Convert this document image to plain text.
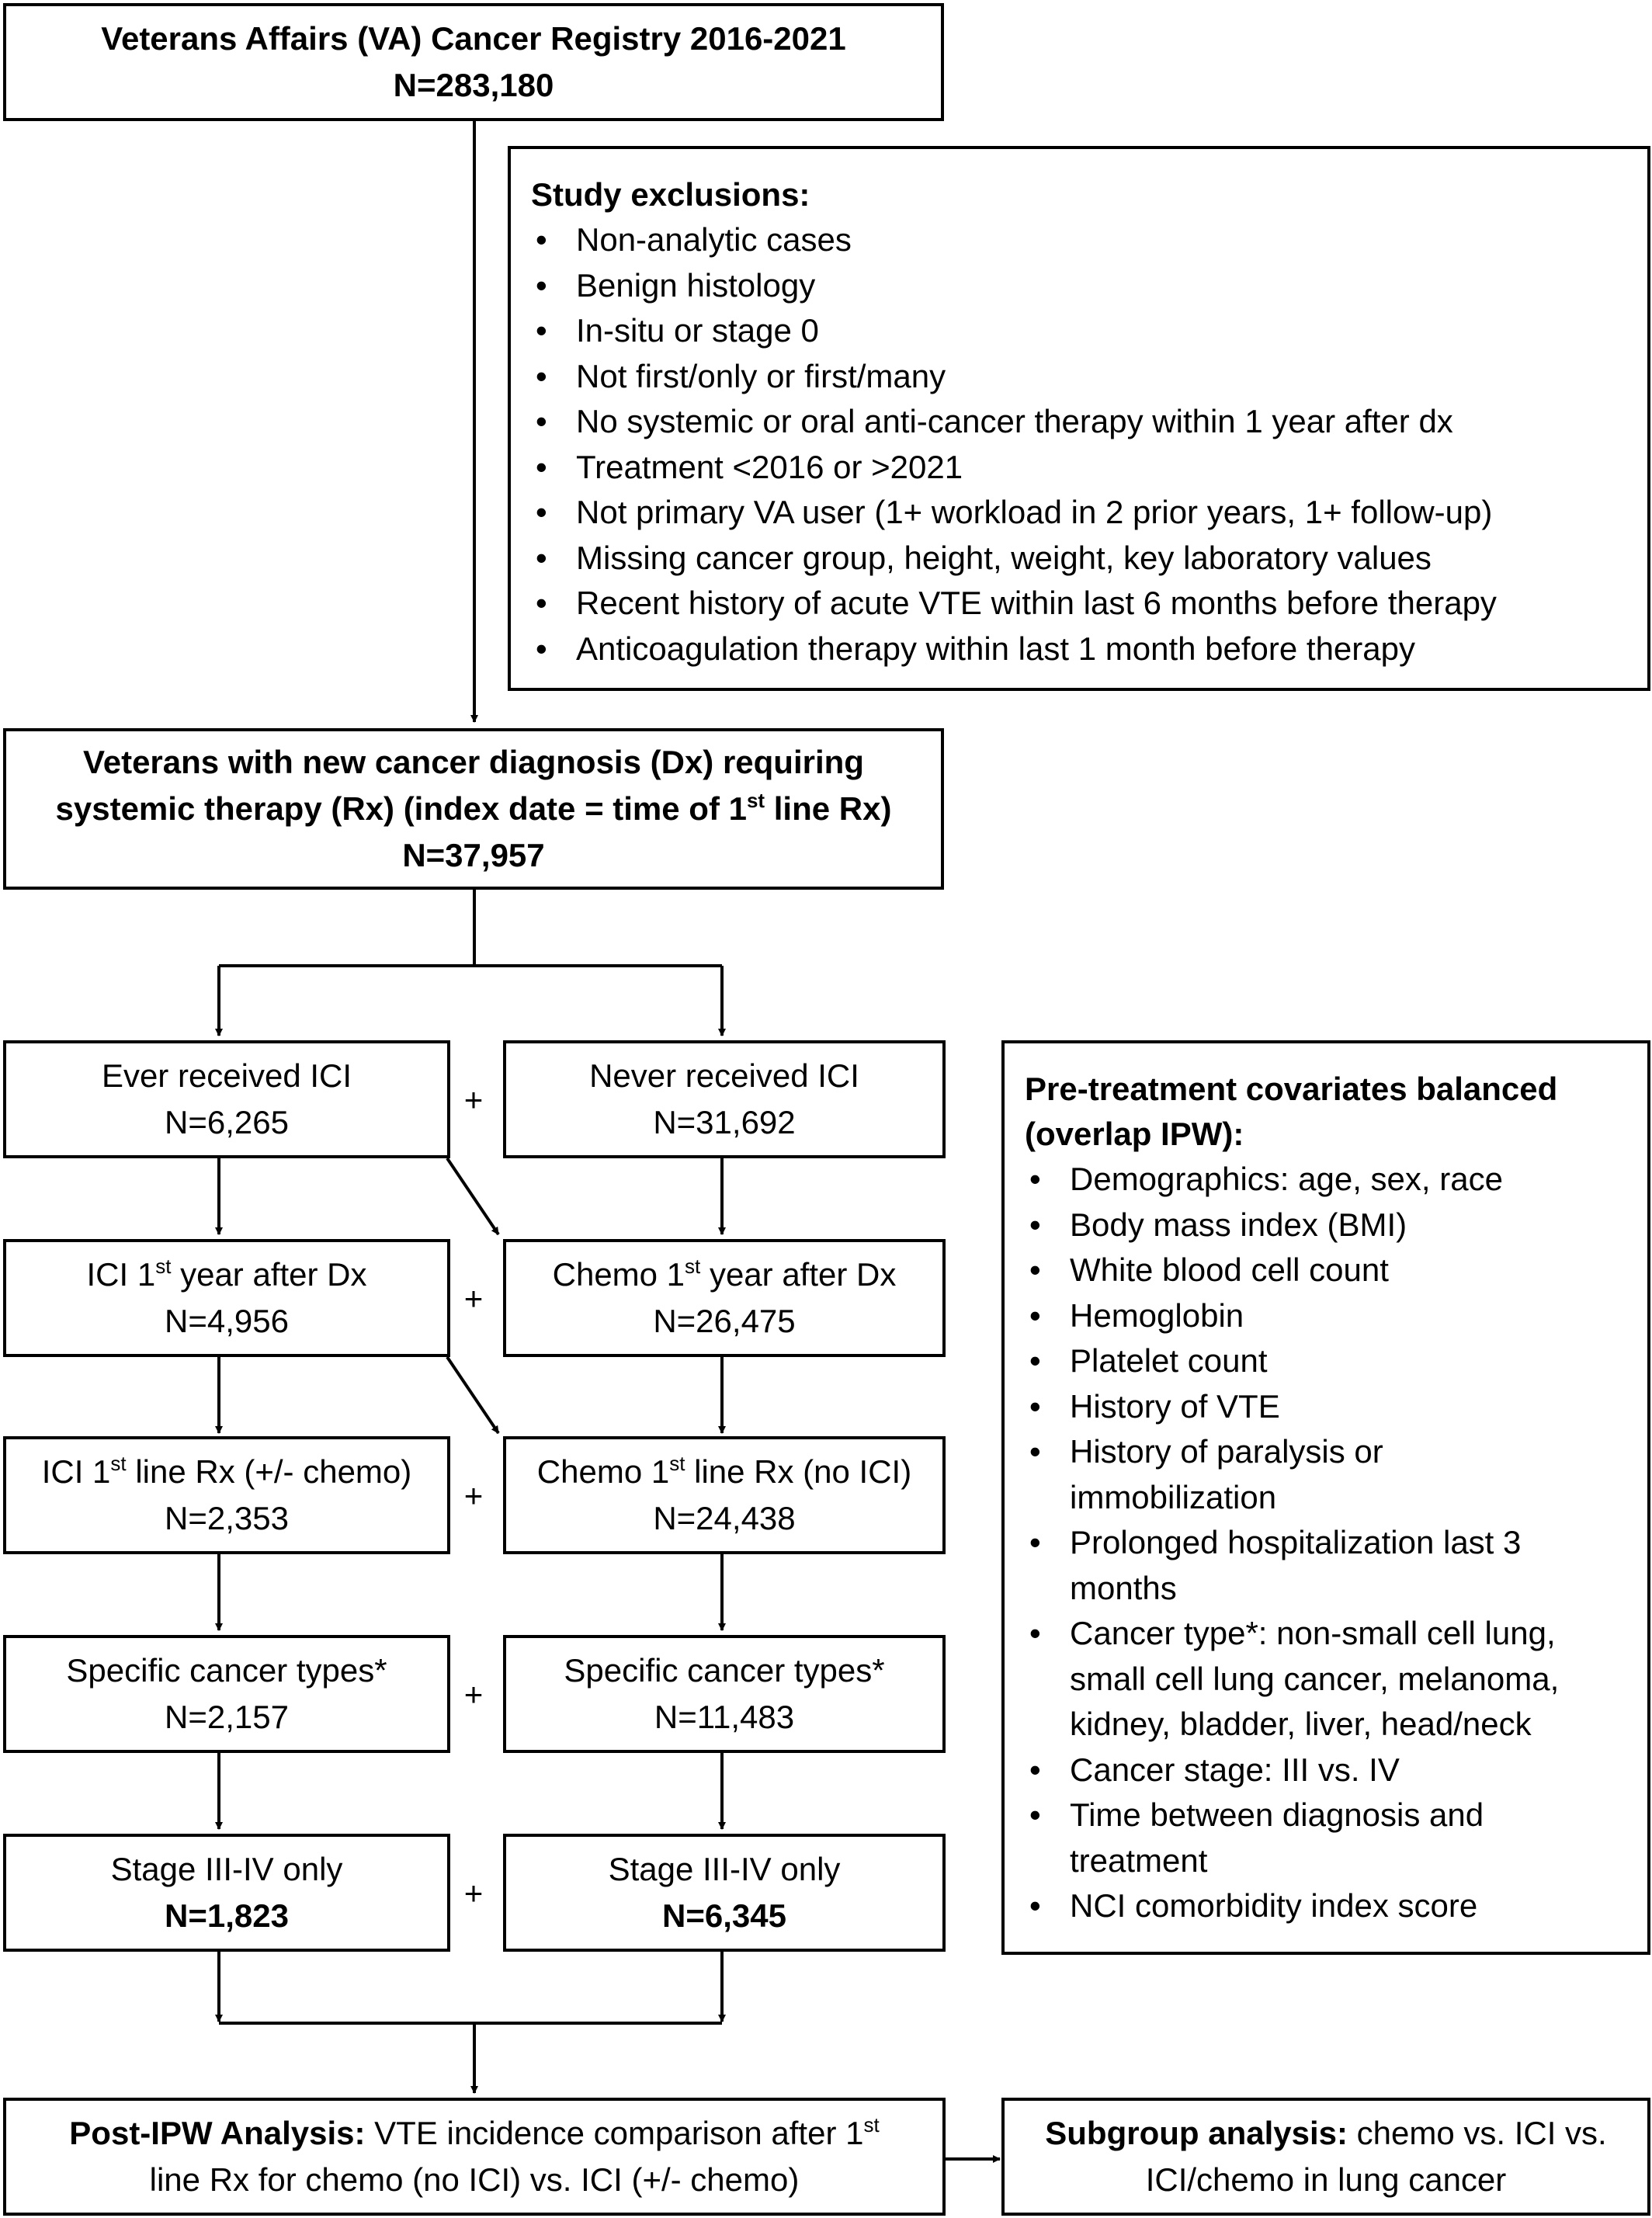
Veterans Affairs (VA) Cancer Registry 2016-2021
N=283,180
Study exclusions:
• Non-analytic cases
• Benign histology
• In-situ or stage 0
• Not first/only or first/many
• No systemic or oral anti-cancer therapy within 1 year after dx
• Treatment <2016 or >2021
• Not primary VA user (1+ workload in 2 prior years, 1+ follow-up)
• Missing cancer group, height, weight, key laboratory values
• Recent history of acute VTE within last 6 months before therapy
• Anticoagulation therapy within last 1 month before therapy
Veterans with new cancer diagnosis (Dx) requiring
systemic therapy (Rx) (index date = time of 1st line Rx)
N=37,957
Ever received ICI
N=6,265
ICI 1st year after Dx
N=4,956
ICI 1st line Rx (+/- chemo)
N=2,353
Specific cancer types*
N=2,157
Stage III-IV only
N=1,823
+
+
+
+
+
Never received ICI
N=31,692
Chemo 1st year after Dx
N=26,475
Chemo 1st line Rx (no ICI)
N=24,438
Specific cancer types*
N=11,483
Stage III-IV only
N=6,345
Pre-treatment covariates balanced
(overlap IPW):
• Demographics: age, sex, race
• Body mass index (BMI)
• White blood cell count
• Hemoglobin
• Platelet count
• History of VTE
• History of paralysis or
immobilization
• Prolonged hospitalization last 3
months
• Cancer type*: non-small cell lung,
small cell lung cancer, melanoma,
kidney, bladder, liver, head/neck
• Cancer stage: III vs. IV
• Time between diagnosis and
treatment
• NCI comorbidity index score
Post-IPW Analysis: VTE incidence comparison after 1st
line Rx for chemo (no ICI) vs. ICI (+/- chemo)
Subgroup analysis: chemo vs. ICI vs.
ICI/chemo in lung cancer
